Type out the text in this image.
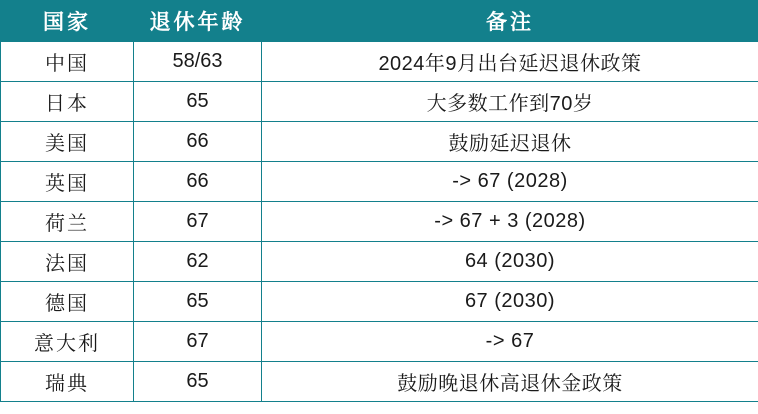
国家	退休年龄	备注
中国	58/63	2024年9月出台延迟退休政策
日本	65	大多数工作到70岁
美国	66	鼓励延迟退休
英国	66	-> 67 (2028)
荷兰	67	-> 67 + 3 (2028)
法国	62	64 (2030)
德国	65	67 (2030)
意大利	67	-> 67
瑞典	65	鼓励晚退休高退休金政策
